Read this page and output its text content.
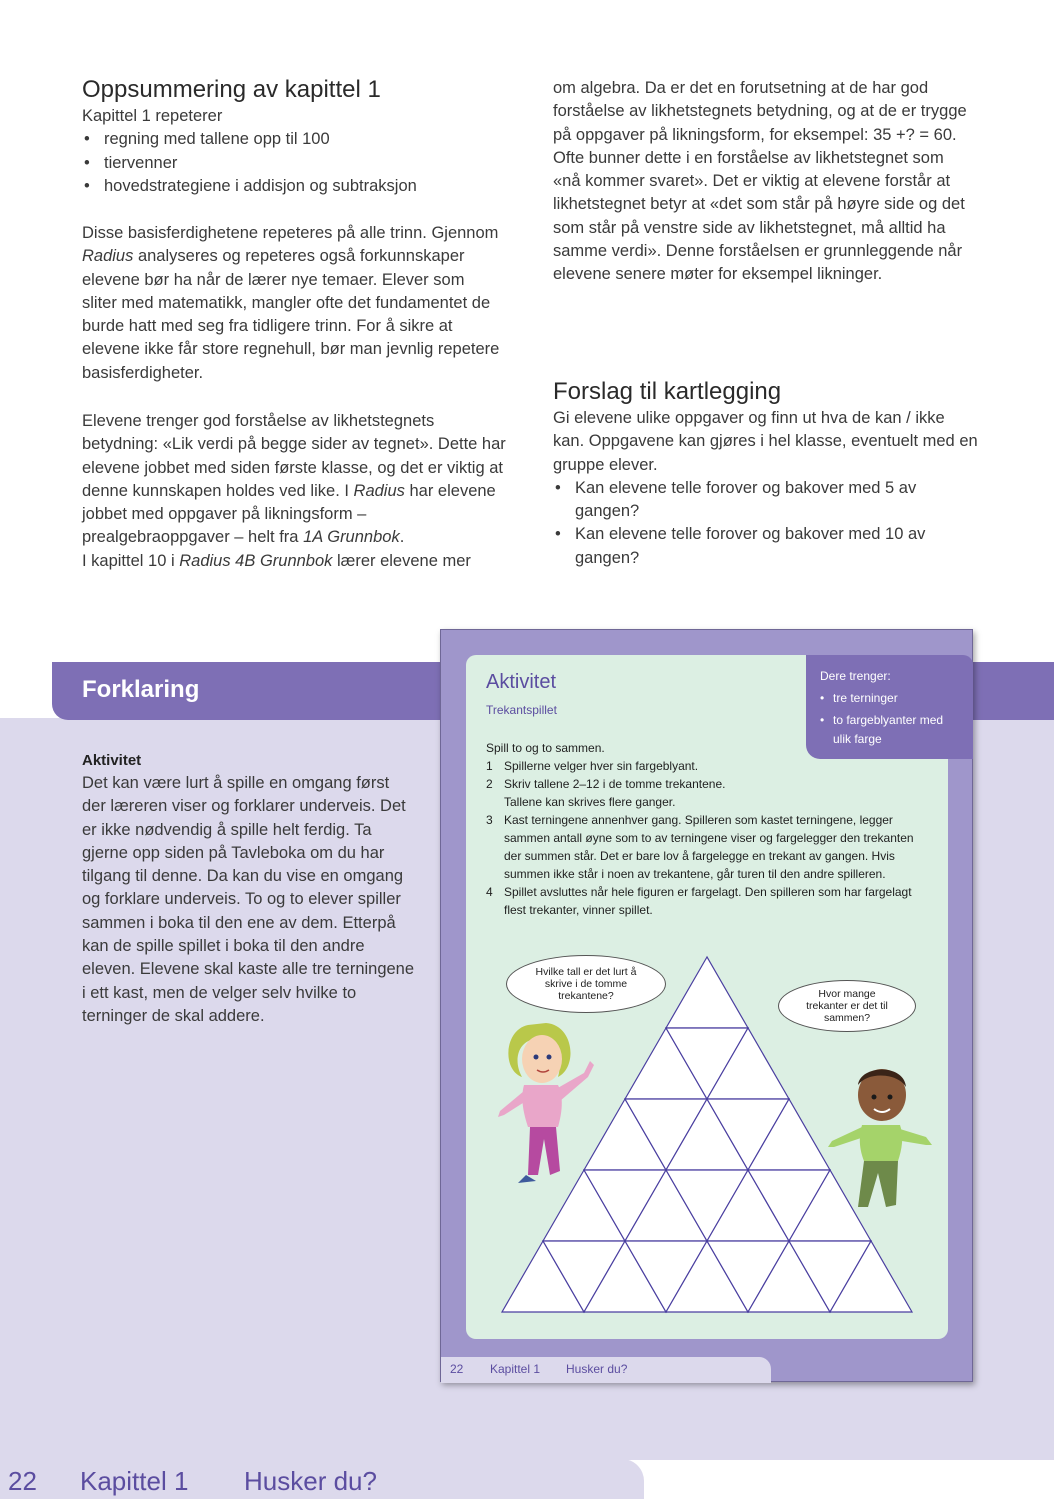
Oppsummering av kapittel 1

Kapittel 1 repeterer

• regning med tallene opp til 100
• tiervenner
• hovedstrategiene i addisjon og subtraksjon
Disse basisferdighetene repeteres på alle trinn. Gjennom Radius analyseres og repeteres også forkunnskaper elevene bør ha når de lærer nye temaer. Elever som sliter med matematikk, mangler ofte det fundamentet de burde hatt med seg fra tidligere trinn. For å sikre at elevene ikke får store regnehull, bør man jevnlig repetere basisferdigheter.
Elevene trenger god forståelse av likhetstegnets betydning: «Lik verdi på begge sider av tegnet». Dette har elevene jobbet med siden første klasse, og det er viktig at denne kunnskapen holdes ved like. I Radius har elevene jobbet med oppgaver på likningsform – prealgebraoppgaver – helt fra 1A Grunnbok.
I kapittel 10 i Radius 4B Grunnbok lærer elevene mer
om algebra. Da er det en forutsetning at de har god forståelse av likhetstegnets betydning, og at de er trygge på oppgaver på likningsform, for eksempel: 35 +? = 60. Ofte bunner dette i en forståelse av likhetstegnet som «nå kommer svaret». Det er viktig at elevene forstår at likhetstegnet betyr at «det som står på høyre side og det som står på venstre side av likhetstegnet, må alltid ha samme verdi». Denne forståelsen er grunnleggende når elevene senere møter for eksempel likninger.
Forslag til kartlegging

Gi elevene ulike oppgaver og finn ut hva de kan / ikke kan. Oppgavene kan gjøres i hel klasse, eventuelt med en gruppe elever.

• Kan elevene telle forover og bakover med 5 av gangen?
• Kan elevene telle forover og bakover med 10 av gangen?
Forklaring
Aktivitet
Det kan være lurt å spille en omgang først der læreren viser og forklarer underveis. Det er ikke nødvendig å spille helt ferdig. Ta gjerne opp siden på Tavleboka om du har tilgang til denne. Da kan du vise en omgang og forklare underveis. To og to elever spiller sammen i boka til den ene av dem. Etterpå kan de spille spillet i boka til den andre eleven. Elevene skal kaste alle tre terningene i ett kast, men de velger selv hvilke to terninger de skal addere.
Aktivitet
Trekantspillet
Dere trenger:
• tre terninger
• to fargeblyanter med ulik farge
Spill to og to sammen.
1 Spillerne velger hver sin fargeblyant.
2 Skriv tallene 2–12 i de tomme trekantene. Tallene kan skrives flere ganger.
3 Kast terningene annenhver gang. Spilleren som kastet terningene, legger sammen antall øyne som to av terningene viser og fargelegger den trekanten der summen står. Det er bare lov å fargelegge en trekant av gangen. Hvis summen ikke står i noen av trekantene, går turen til den andre spilleren.
4 Spillet avsluttes når hele figuren er fargelagt. Den spilleren som har fargelagt flest trekanter, vinner spillet.
Hvilke tall er det lurt å skrive i de tomme trekantene?	Hvor mange trekanter er det til sammen?
22 Kapittel 1 Husker du?
22 Kapittel 1 Husker du?
